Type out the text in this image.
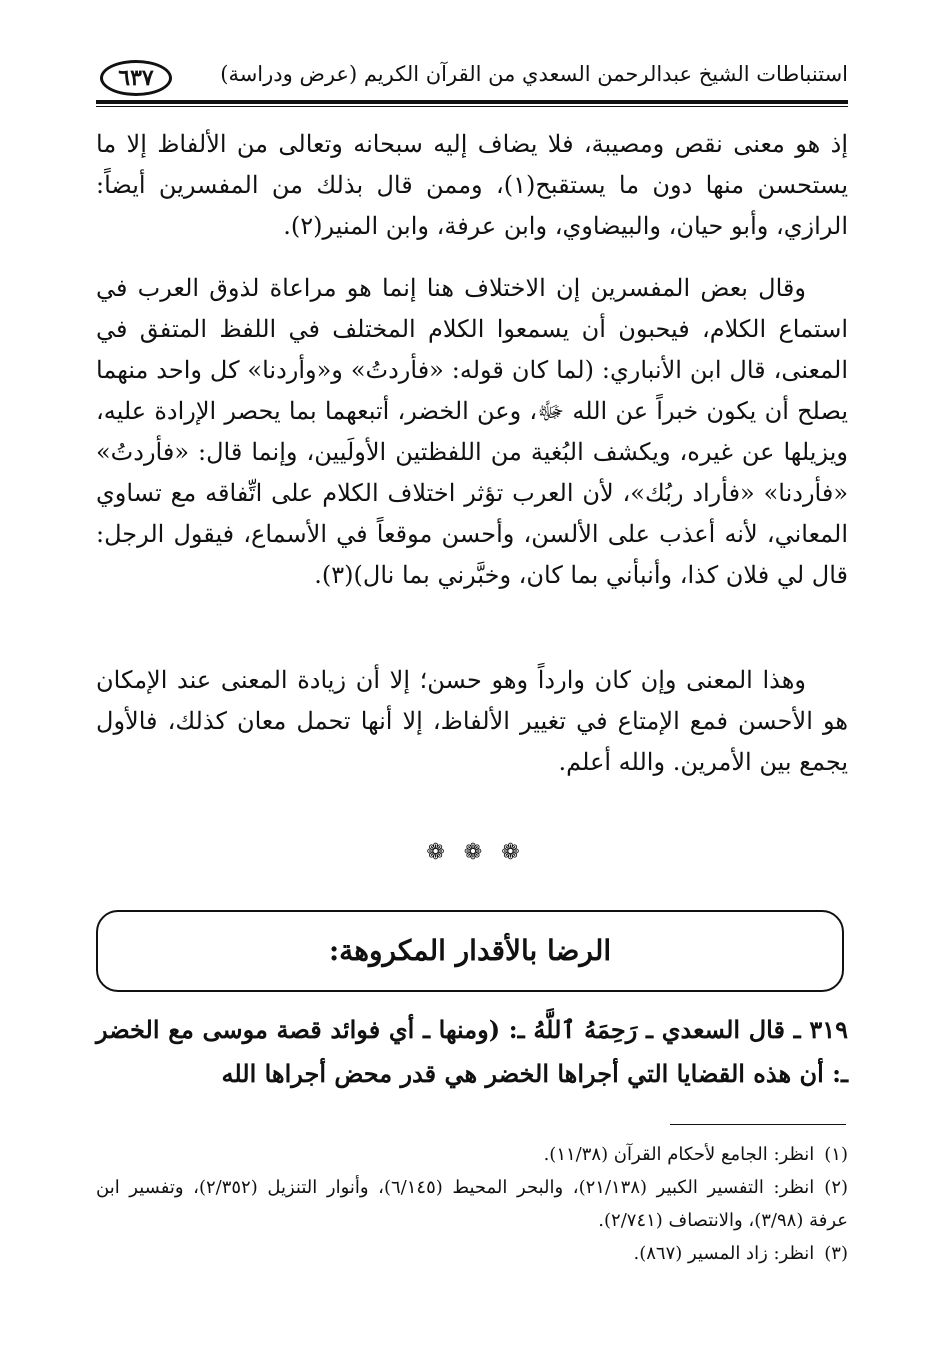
استنباطات الشيخ عبدالرحمن السعدي من القرآن الكريم (عرض ودراسة)
٦٣٧

إذ هو معنى نقص ومصيبة، فلا يضاف إليه سبحانه وتعالى من الألفاظ إلا ما يستحسن منها دون ما يستقبح(١)، وممن قال بذلك من المفسرين أيضاً: الرازي، وأبو حيان، والبيضاوي، وابن عرفة، وابن المنير(٢).

وقال بعض المفسرين إن الاختلاف هنا إنما هو مراعاة لذوق العرب في استماع الكلام، فيحبون أن يسمعوا الكلام المختلف في اللفظ المتفق في المعنى، قال ابن الأنباري: (لما كان قوله: «فأردتُ» و«وأردنا» كل واحد منهما يصلح أن يكون خبراً عن الله ﷻ، وعن الخضر، أتبعهما بما يحصر الإرادة عليه، ويزيلها عن غيره، ويكشف البُغية من اللفظتين الأولَيين، وإنما قال: «فأردتُ» «فأردنا» «فأراد ربُك»، لأن العرب تؤثر اختلاف الكلام على اتِّفاقه مع تساوي المعاني، لأنه أعذب على الألسن، وأحسن موقعاً في الأسماع، فيقول الرجل: قال لي فلان كذا، وأنبأني بما كان، وخبَّرني بما نال)(٣).

وهذا المعنى وإن كان وارداً وهو حسن؛ إلا أن زيادة المعنى عند الإمكان هو الأحسن فمع الإمتاع في تغيير الألفاظ، إلا أنها تحمل معان كذلك، فالأول يجمع بين الأمرين. والله أعلم.

❁ ❁ ❁
الرضا بالأقدار المكروهة:

٣١٩ ـ قال السعدي ـ رَحِمَهُ ٱللَّهُ ـ: (ومنها ـ أي فوائد قصة موسى مع الخضر ـ: أن هذه القضايا التي أجراها الخضر هي قدر محض أجراها الله

(١)انظر: الجامع لأحكام القرآن (١١/٣٨).

(٢)انظر: التفسير الكبير (٢١/١٣٨)، والبحر المحيط (٦/١٤٥)، وأنوار التنزيل (٢/٣٥٢)، وتفسير ابن عرفة (٣/٩٨)، والانتصاف (٢/٧٤١).

(٣)انظر: زاد المسير (٨٦٧).
